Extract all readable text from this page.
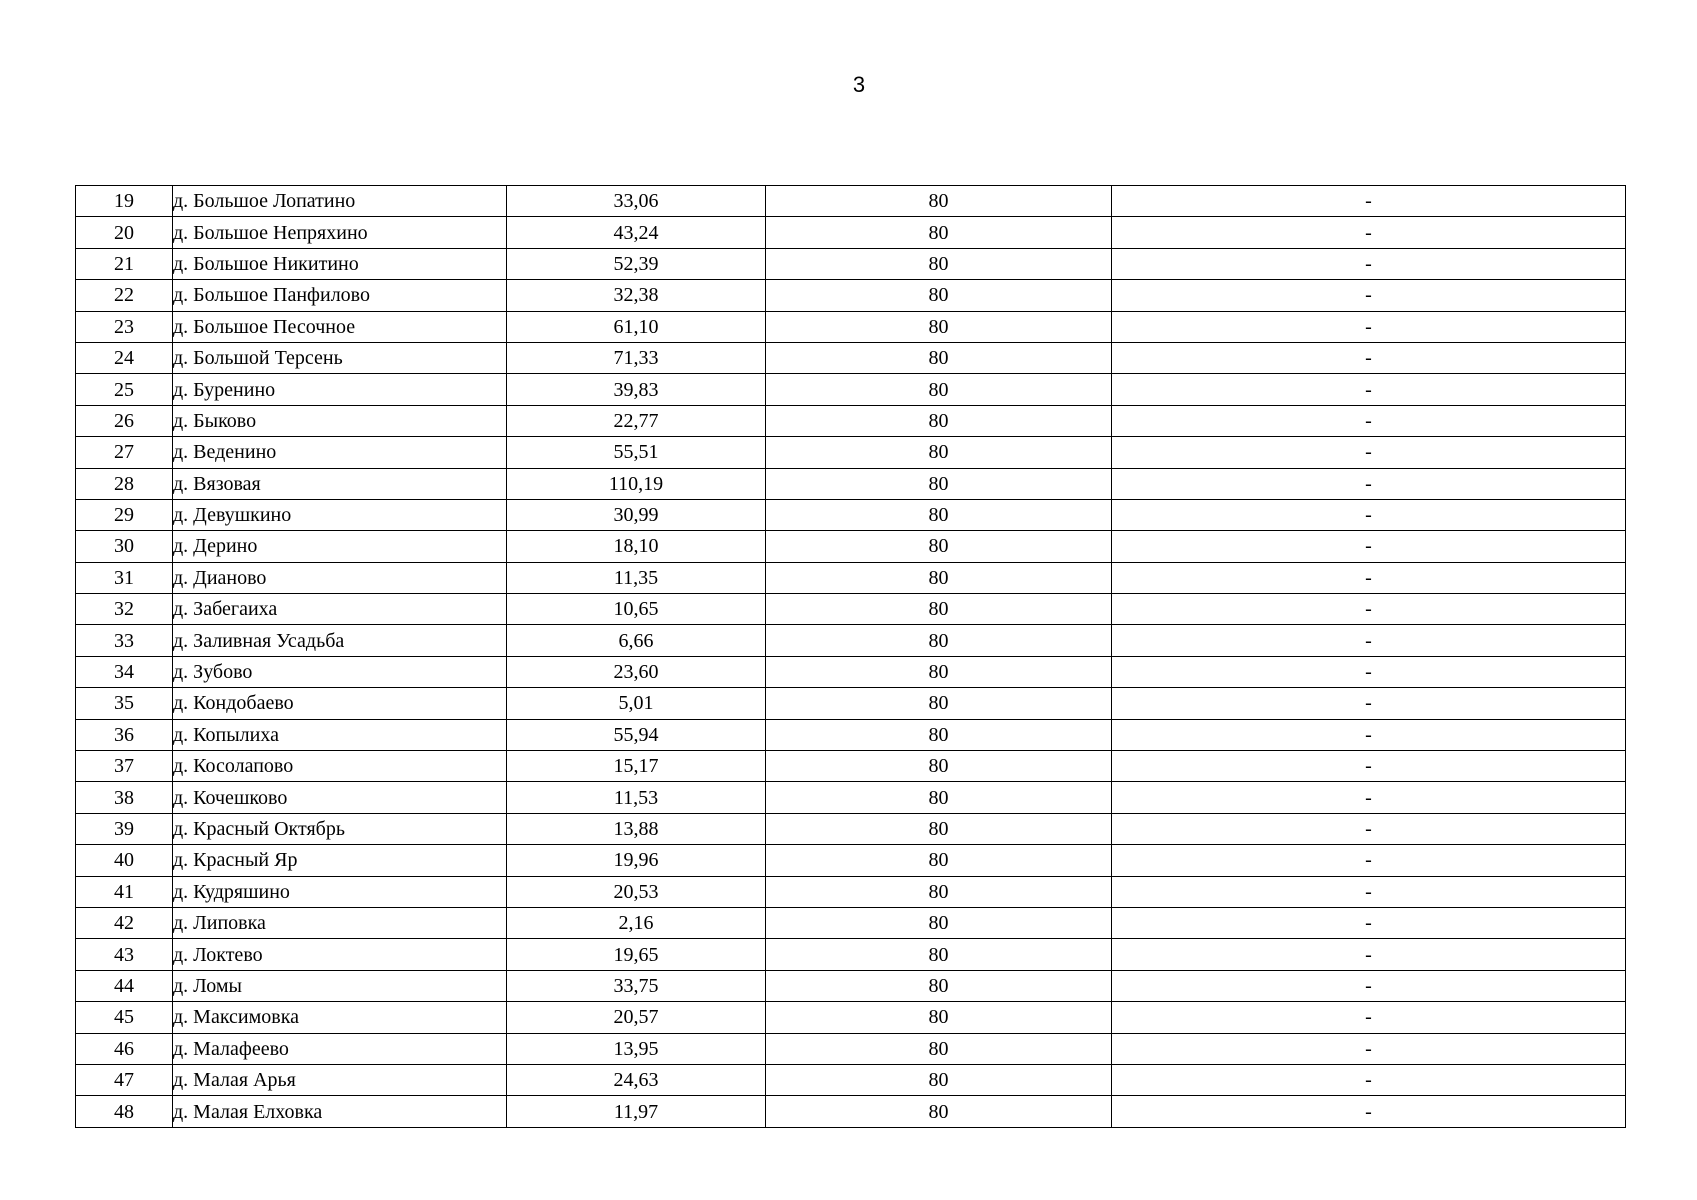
3
19	д. Большое Лопатино	33,06	80	-
20	д. Большое Непряхино	43,24	80	-
21	д. Большое Никитино	52,39	80	-
22	д. Большое Панфилово	32,38	80	-
23	д. Большое Песочное	61,10	80	-
24	д. Большой Терсень	71,33	80	-
25	д. Буренино	39,83	80	-
26	д. Быково	22,77	80	-
27	д. Веденино	55,51	80	-
28	д. Вязовая	110,19	80	-
29	д. Девушкино	30,99	80	-
30	д. Дерино	18,10	80	-
31	д. Дианово	11,35	80	-
32	д. Забегаиха	10,65	80	-
33	д. Заливная Усадьба	6,66	80	-
34	д. Зубово	23,60	80	-
35	д. Кондобаево	5,01	80	-
36	д. Копылиха	55,94	80	-
37	д. Косолапово	15,17	80	-
38	д. Кочешково	11,53	80	-
39	д. Красный Октябрь	13,88	80	-
40	д. Красный Яр	19,96	80	-
41	д. Кудряшино	20,53	80	-
42	д. Липовка	2,16	80	-
43	д. Локтево	19,65	80	-
44	д. Ломы	33,75	80	-
45	д. Максимовка	20,57	80	-
46	д. Малафеево	13,95	80	-
47	д. Малая Арья	24,63	80	-
48	д. Малая Елховка	11,97	80	-
